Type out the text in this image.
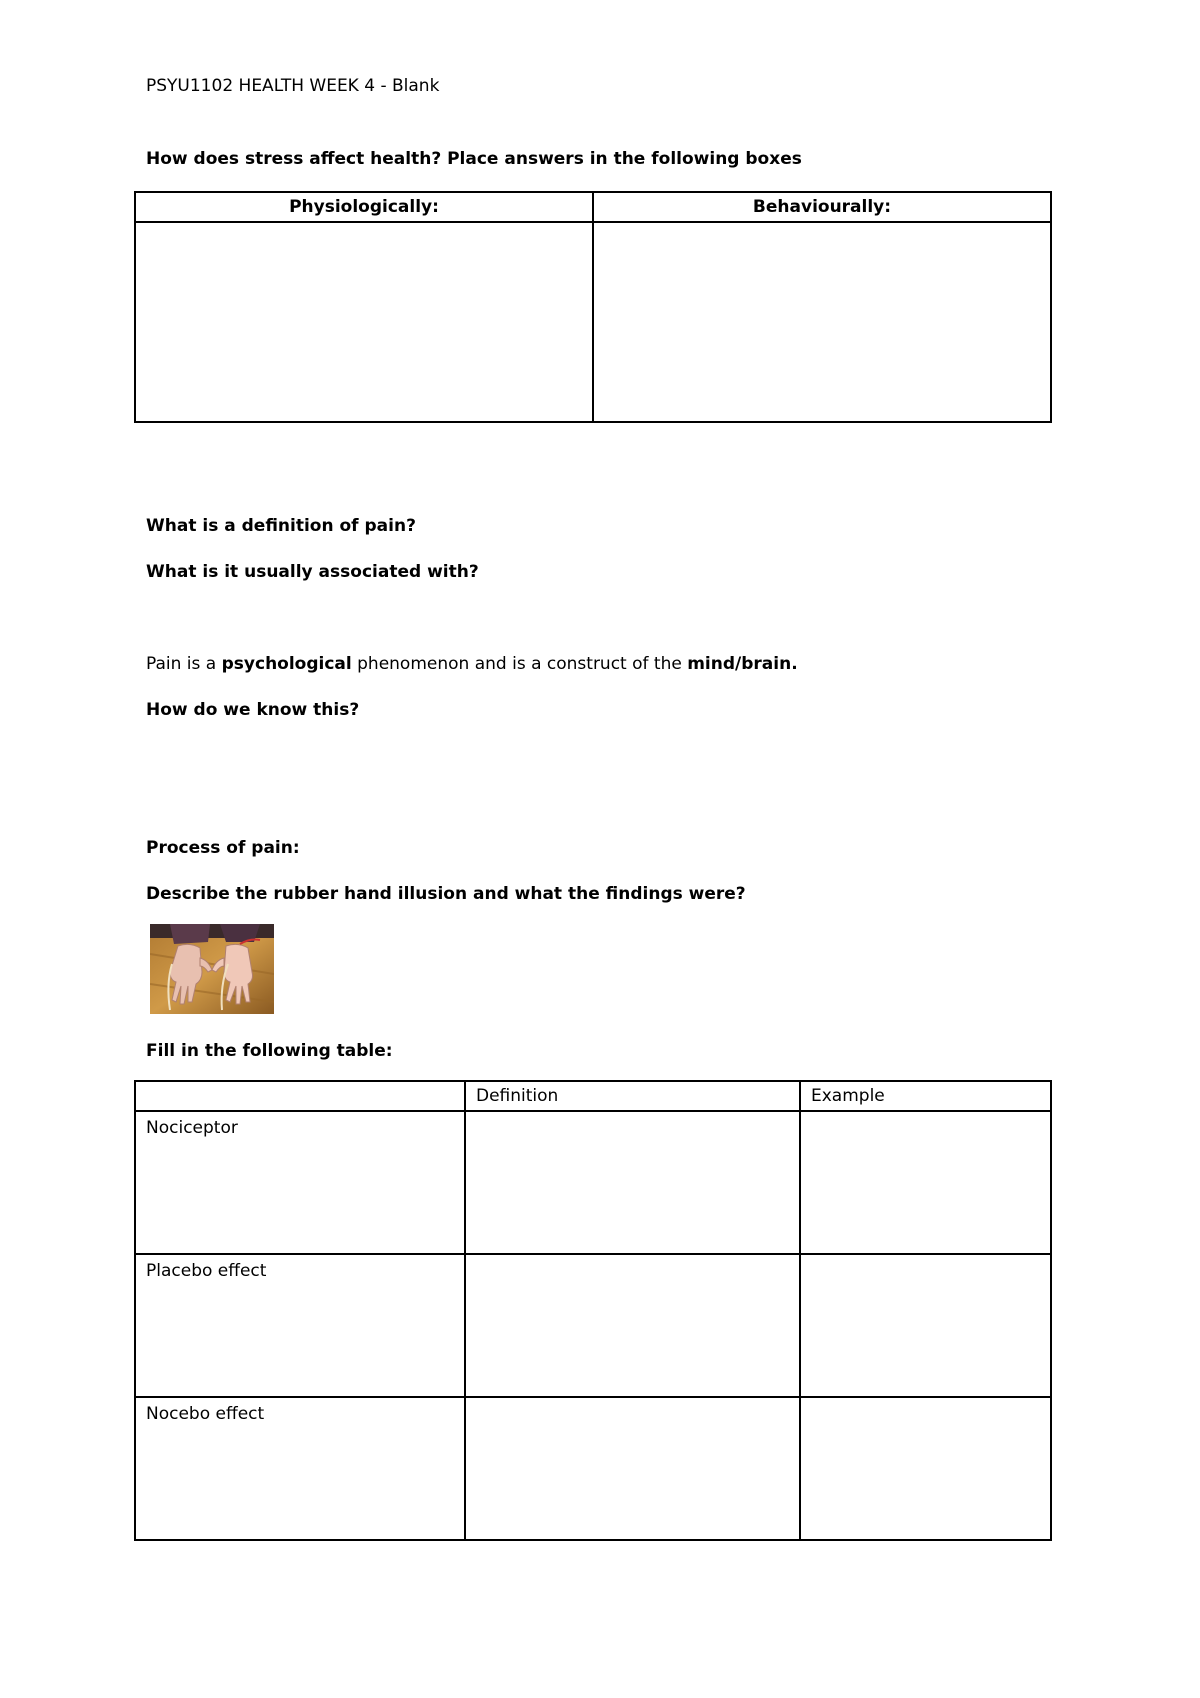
PSYU1102 HEALTH WEEK 4 - Blank
How does stress affect health? Place answers in the following boxes
Physiologically:	Behaviourally:

What is a definition of pain?
What is it usually associated with?
Pain is a psychological phenomenon and is a construct of the mind/brain.
How do we know this?
Process of pain:
Describe the rubber hand illusion and what the findings were?
Fill in the following table:
	Definition	Example
Nociceptor		
Placebo effect		
Nocebo effect		
